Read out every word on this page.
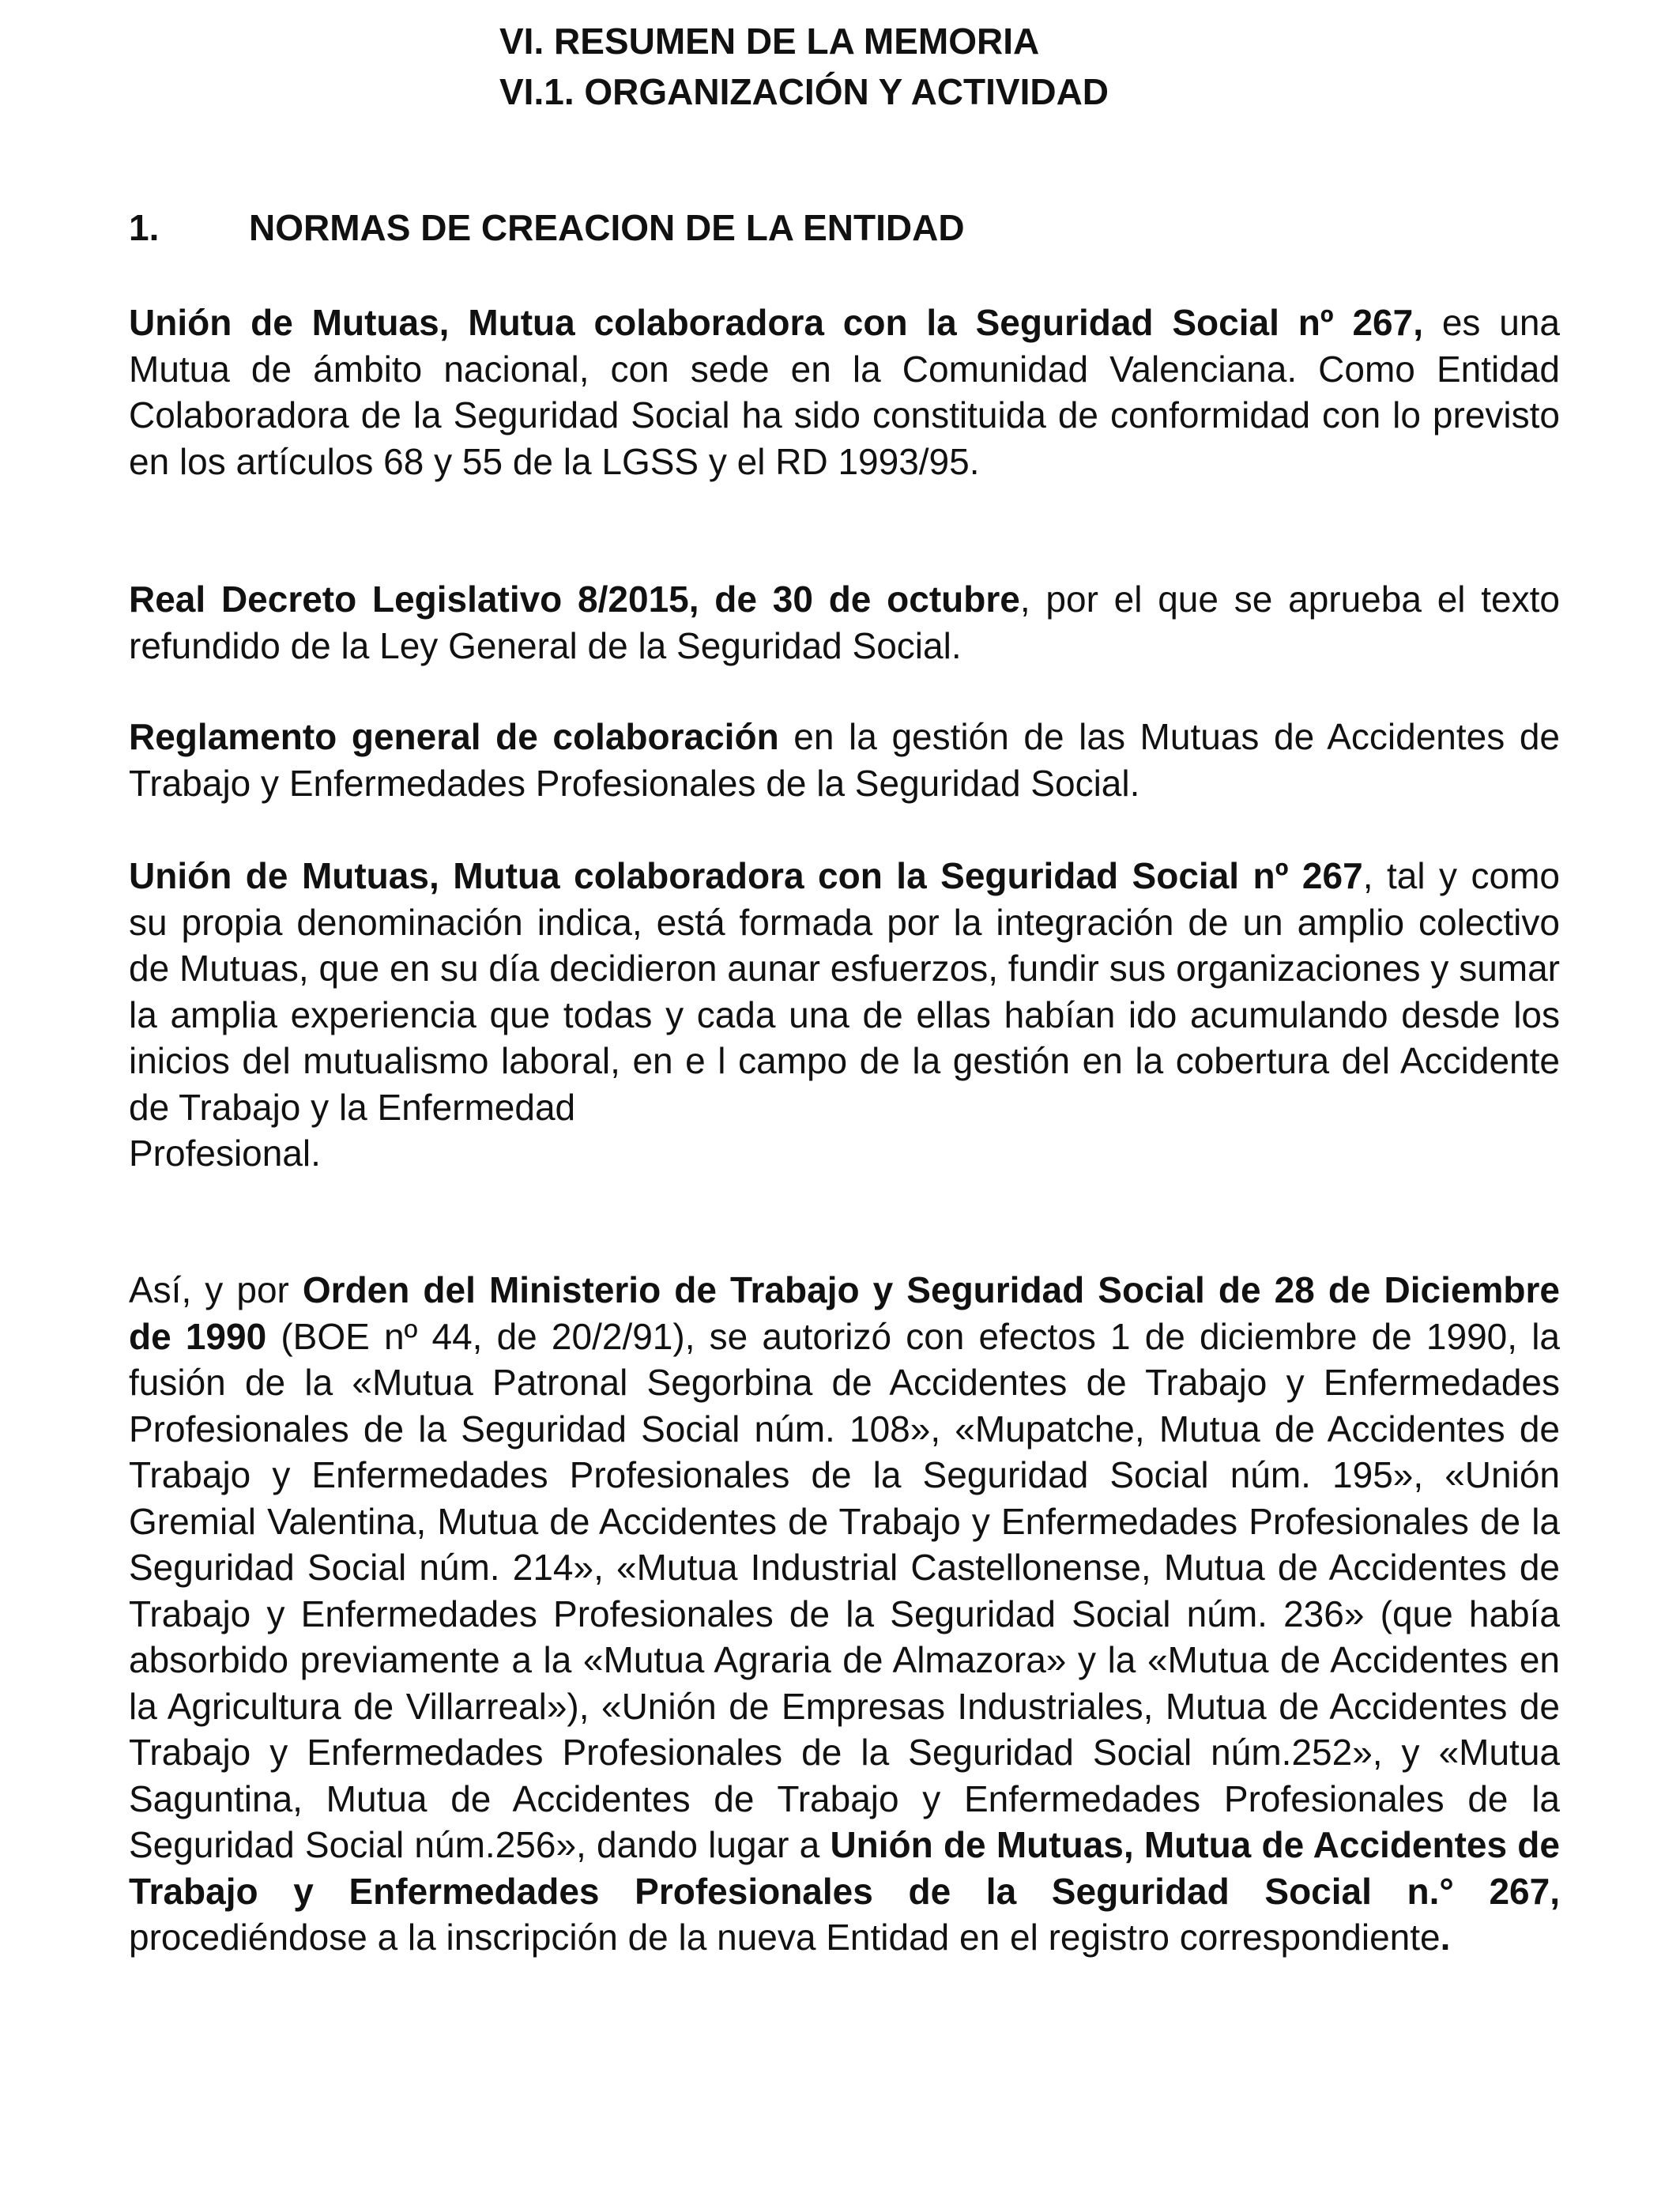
VI. RESUMEN DE LA MEMORIA
VI.1. ORGANIZACIÓN Y ACTIVIDAD
1. NORMAS DE CREACION DE LA ENTIDAD

Unión de Mutuas, Mutua colaboradora con la Seguridad Social nº 267, es una Mutua de ámbito nacional, con sede en la Comunidad Valenciana. Como Entidad Colaboradora de la Seguridad Social ha sido constituida de conformidad con lo previsto en los artículos 68 y 55 de la LGSS y el RD 1993/95.

Real Decreto Legislativo 8/2015, de 30 de octubre, por el que se aprueba el texto refundido de la Ley General de la Seguridad Social.

Reglamento general de colaboración en la gestión de las Mutuas de Accidentes de Trabajo y Enfermedades Profesionales de la Seguridad Social.

Unión de Mutuas, Mutua colaboradora con la Seguridad Social nº 267, tal y como su propia denominación indica, está formada por la integración de un amplio colectivo de Mutuas, que en su día decidieron aunar esfuerzos, fundir sus organizaciones y sumar la amplia experiencia que todas y cada una de ellas habían ido acumulando desde los inicios del mutualismo laboral, en e l campo de la gestión en la cobertura del Accidente de Trabajo y la Enfermedad
Profesional.

Así, y por Orden del Ministerio de Trabajo y Seguridad Social de 28 de Diciembre de 1990 (BOE nº 44, de 20/2/91), se autorizó con efectos 1 de diciembre de 1990, la fusión de la «Mutua Patronal Segorbina de Accidentes de Trabajo y Enfermedades Profesionales de la Seguridad Social núm. 108», «Mupatche, Mutua de Accidentes de Trabajo y Enfermedades Profesionales de la Seguridad Social núm. 195», «Unión Gremial Valentina, Mutua de Accidentes de Trabajo y Enfermedades Profesionales de la Seguridad Social núm. 214», «Mutua Industrial Castellonense, Mutua de Accidentes de Trabajo y Enfermedades Profesionales de la Seguridad Social núm. 236» (que había absorbido previamente a la «Mutua Agraria de Almazora» y la «Mutua de Accidentes en la Agricultura de Villarreal»), «Unión de Empresas Industriales, Mutua de Accidentes de Trabajo y Enfermedades Profesionales de la Seguridad Social núm.252», y «Mutua Saguntina, Mutua de Accidentes de Trabajo y Enfermedades Profesionales de la Seguridad Social núm.256», dando lugar a Unión de Mutuas, Mutua de Accidentes de Trabajo y Enfermedades Profesionales de la Seguridad Social n.° 267, procediéndose a la inscripción de la nueva Entidad en el registro correspondiente.
